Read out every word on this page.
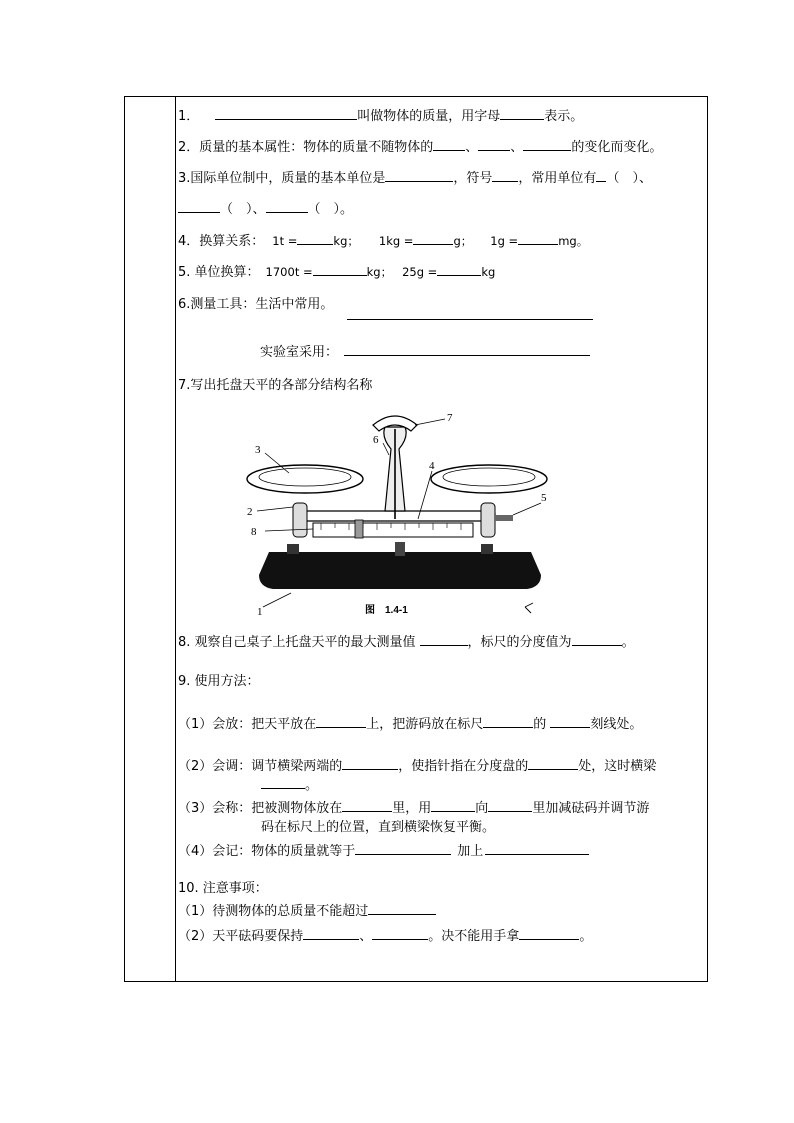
1．	叫做物体的质量，用字母	表示。
2．质量的基本属性：物体的质量不随物体的 、 、	的变化而变化。
3.国际单位制中，质量的基本单位是	，符号 ，常用单位有 （　）、
（　）、	（　）。
4．换算关系： 1t =	kg； 1kg =	g； 1g =	mg。
5. 单位换算： 1700t =	kg； 25g =	kg
6.测量工具：生活中常用。
实验室采用：
7.写出托盘天平的各部分结构名称
1
2
3
4
5
6
7
8
图　1.4-1
8. 观察自己桌子上托盘天平的最大测量值	，标尺的分度值为	。
9. 使用方法：
（1）会放：把天平放在	上，把游码放在标尺	的	刻线处。
（2）会调：调节横梁两端的	，使指针指在分度盘的	处，这时横梁
。
（3）会称：把被测物体放在	里，用	向	里加减砝码并调节游
码在标尺上的位置，直到横梁恢复平衡。
（4）会记：物体的质量就等于	加上
10. 注意事项：
（1）待测物体的总质量不能超过
（2）天平砝码要保持	、	。决不能用手拿	。
